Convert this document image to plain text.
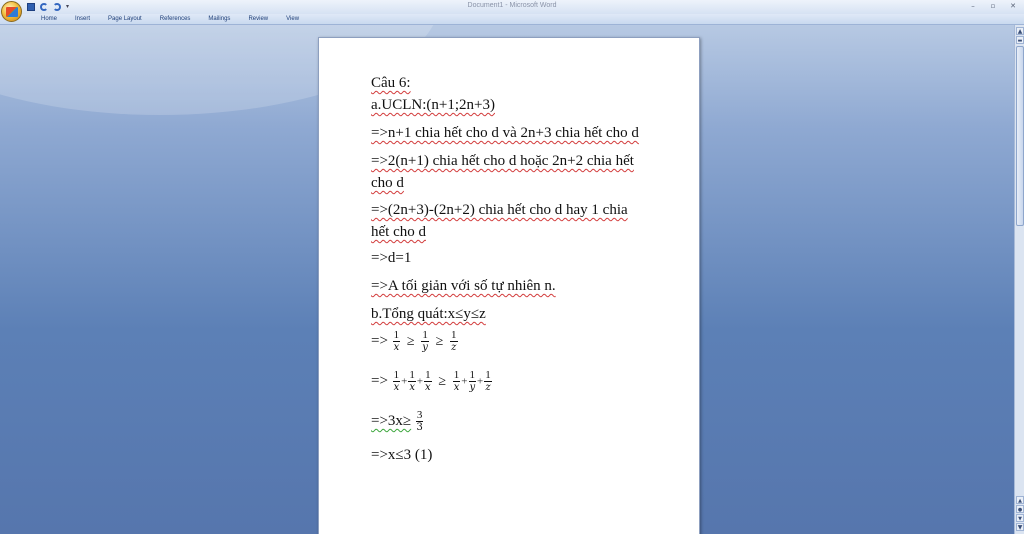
▾	Document1 - Microsoft Word	–	▫	✕
Home	Insert	Page Layout	References	Mailings	Review	View
Câu 6:
a.UCLN:(n+1;2n+3)
=>n+1 chia hết cho d và 2n+3 chia hết cho d
=>2(n+1) chia hết cho d hoặc 2n+2 chia hết
cho d
=>(2n+3)-(2n+2) chia hết cho d hay 1 chia
hết cho d
=>d=1
=>A tối giản với số tự nhiên n.
b.Tổng quát:x≤y≤z
=> $\frac{1}{x} \ge \frac{1}{y} \ge \frac{1}{z}$
=> $\frac{1}{x} + \frac{1}{x} + \frac{1}{x} \ge \frac{1}{x} + \frac{1}{y} + \frac{1}{z}$
$=>3x\ge \frac{3}{3}$
=>x≤3 (1)
▲
▬
▲
●
▼
▼
